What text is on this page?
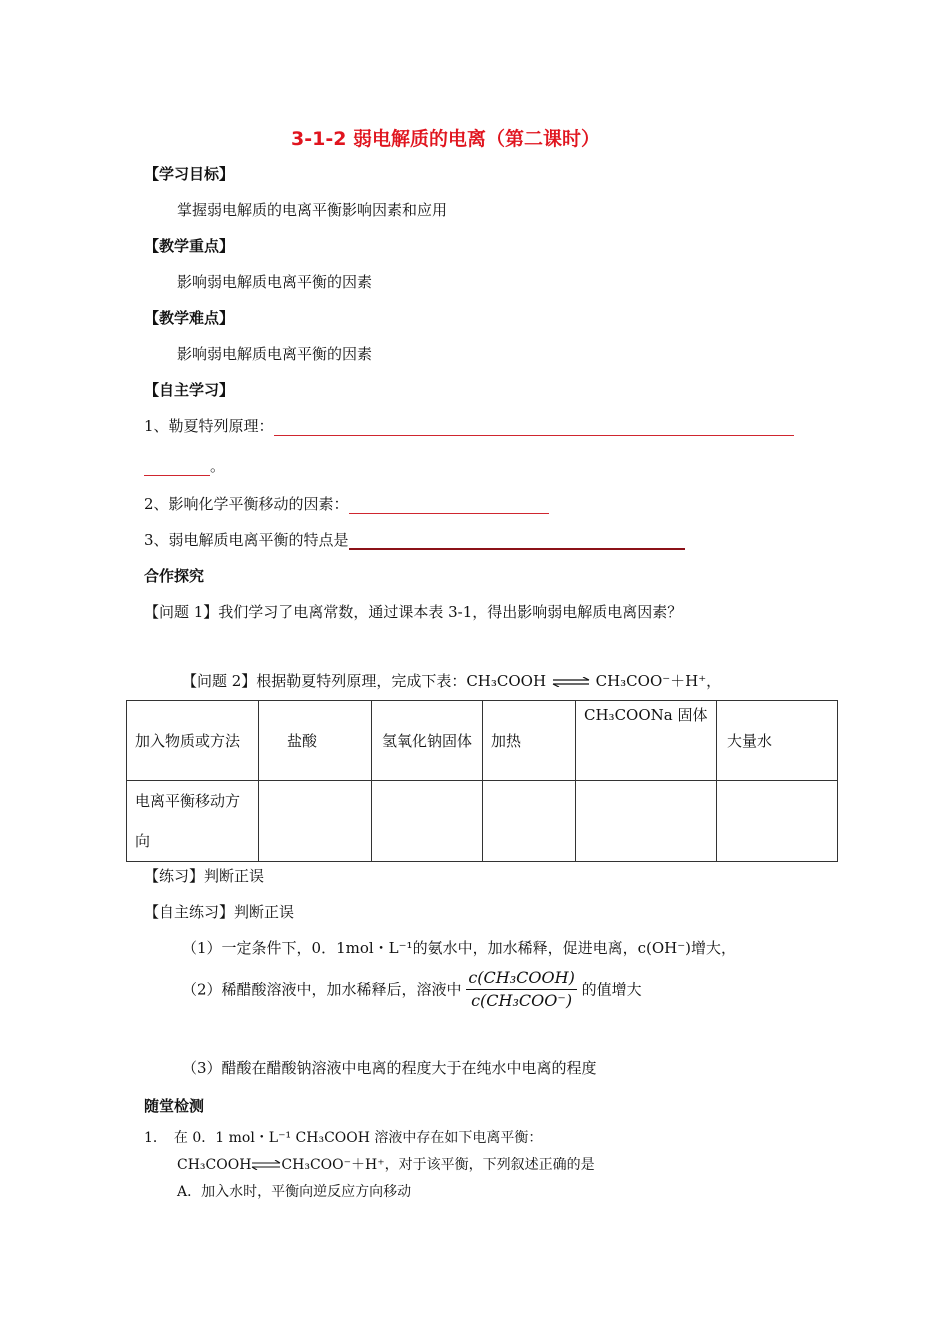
3-1-2 弱电解质的电离（第二课时）
【学习目标】
掌握弱电解质的电离平衡影响因素和应用
【教学重点】
影响弱电解质电离平衡的因素
【教学难点】
影响弱电解质电离平衡的因素
【自主学习】
1、勒夏特列原理：
。
2、影响化学平衡移动的因素：
3、弱电解质电离平衡的特点是
合作探究
【问题 1】我们学习了电离常数，通过课本表 3-1，得出影响弱电解质电离因素？
【问题 2】根据勒夏特列原理，完成下表：CH₃COOH ⇌ CH₃COO⁻＋H⁺，
加入物质或方法	盐酸	氢氧化钠固体	加热	CH₃COONa 固体	大量水
电离平衡移动方向					
【练习】判断正误
【自主练习】判断正误
（1）一定条件下，0．1mol・L⁻¹的氨水中，加水稀释，促进电离，c(OH⁻)增大，
（2）稀醋酸溶液中，加水稀释后，溶液中 $\frac{\text{c(CH₃COOH)}}{\text{c(CH₃COO⁻)}}$ 的值增大
（3）醋酸在醋酸钠溶液中电离的程度大于在纯水中电离的程度
随堂检测
1．　在 0．1 mol・L⁻¹ CH₃COOH 溶液中存在如下电离平衡：
CH₃COOH⇌CH₃COO⁻＋H⁺，对于该平衡，下列叙述正确的是
A．加入水时，平衡向逆反应方向移动
